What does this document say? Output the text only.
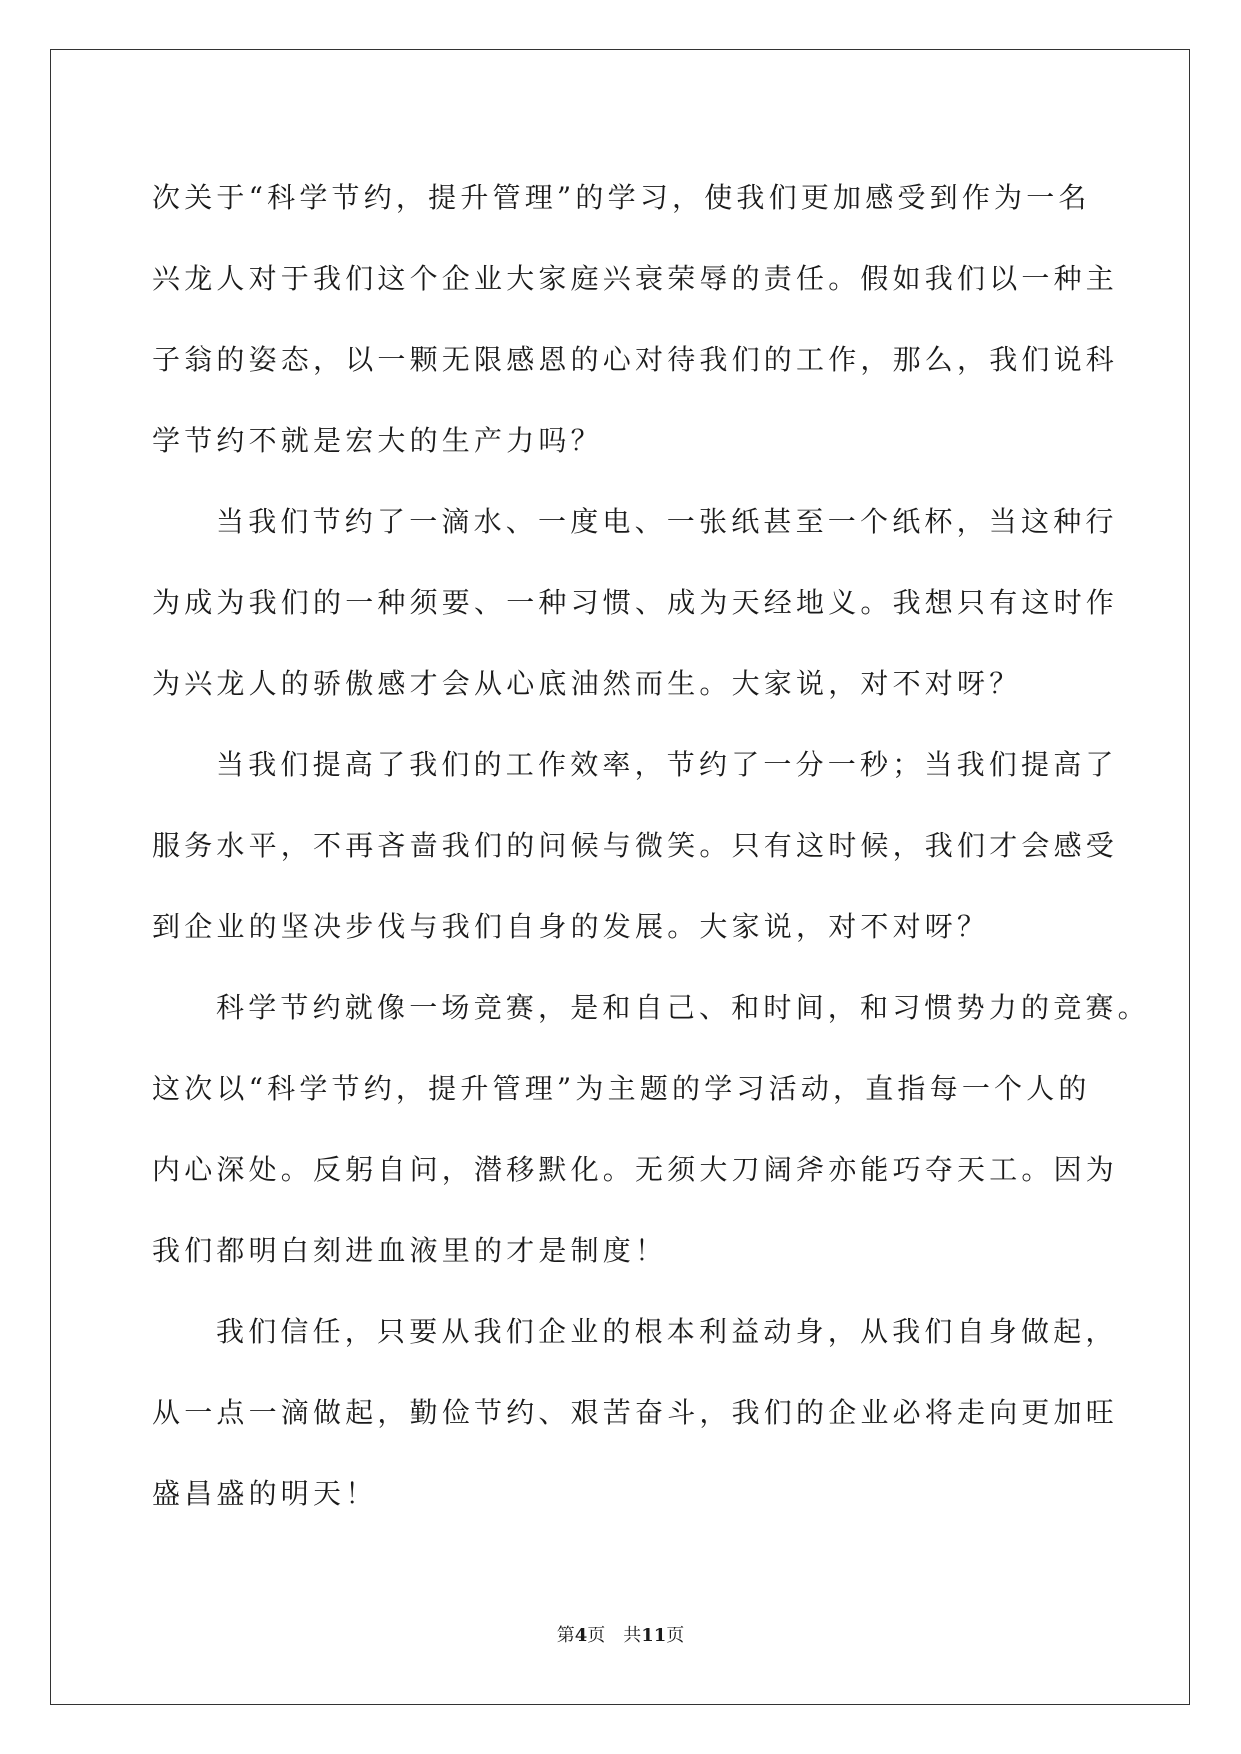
次关于“科学节约，提升管理”的学习，使我们更加感受到作为一名
兴龙人对于我们这个企业大家庭兴衰荣辱的责任。假如我们以一种主
子翁的姿态，以一颗无限感恩的心对待我们的工作，那么，我们说科
学节约不就是宏大的生产力吗？
当我们节约了一滴水、一度电、一张纸甚至一个纸杯，当这种行
为成为我们的一种须要、一种习惯、成为天经地义。我想只有这时作
为兴龙人的骄傲感才会从心底油然而生。大家说，对不对呀？
当我们提高了我们的工作效率，节约了一分一秒；当我们提高了
服务水平，不再吝啬我们的问候与微笑。只有这时候，我们才会感受
到企业的坚决步伐与我们自身的发展。大家说，对不对呀？
科学节约就像一场竞赛，是和自己、和时间，和习惯势力的竞赛。
这次以“科学节约，提升管理”为主题的学习活动，直指每一个人的
内心深处。反躬自问，潜移默化。无须大刀阔斧亦能巧夺天工。因为
我们都明白刻进血液里的才是制度！
我们信任，只要从我们企业的根本利益动身，从我们自身做起，
从一点一滴做起，勤俭节约、艰苦奋斗，我们的企业必将走向更加旺
盛昌盛的明天！
第4页 共11页
